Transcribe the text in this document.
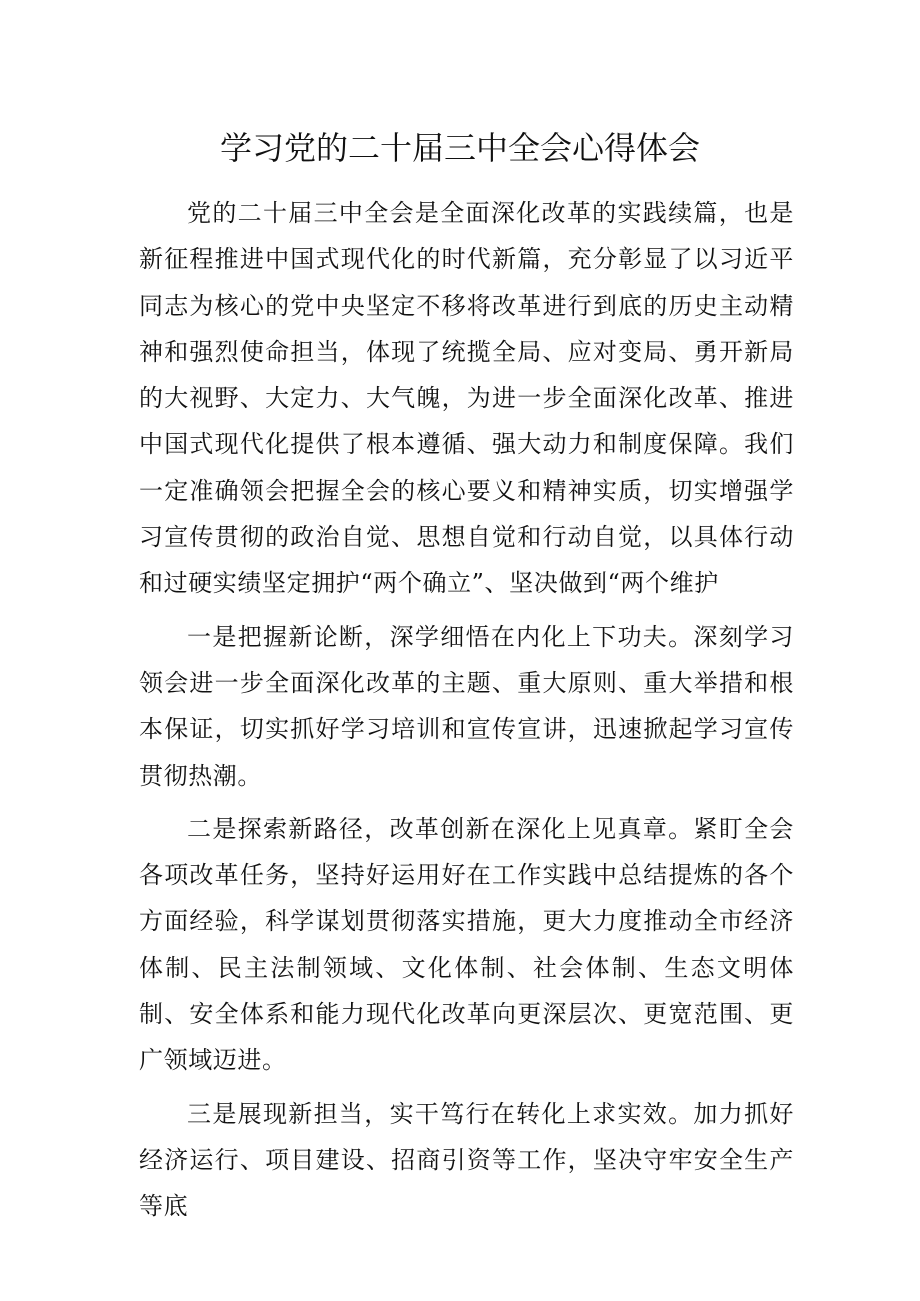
学习党的二十届三中全会心得体会

党的二十届三中全会是全面深化改革的实践续篇，也是新征程推进中国式现代化的时代新篇，充分彰显了以习近平同志为核心的党中央坚定不移将改革进行到底的历史主动精神和强烈使命担当，体现了统揽全局、应对变局、勇开新局的大视野、大定力、大气魄，为进一步全面深化改革、推进中国式现代化提供了根本遵循、强大动力和制度保障。我们一定准确领会把握全会的核心要义和精神实质，切实增强学习宣传贯彻的政治自觉、思想自觉和行动自觉，以具体行动和过硬实绩坚定拥护“两个确立”、坚决做到“两个维护

一是把握新论断，深学细悟在内化上下功夫。深刻学习领会进一步全面深化改革的主题、重大原则、重大举措和根本保证，切实抓好学习培训和宣传宣讲，迅速掀起学习宣传贯彻热潮。

二是探索新路径，改革创新在深化上见真章。紧盯全会各项改革任务，坚持好运用好在工作实践中总结提炼的各个方面经验，科学谋划贯彻落实措施，更大力度推动全市经济体制、民主法制领域、文化体制、社会体制、生态文明体制、安全体系和能力现代化改革向更深层次、更宽范围、更广领域迈进。

三是展现新担当，实干笃行在转化上求实效。加力抓好经济运行、项目建设、招商引资等工作，坚决守牢安全生产等底
